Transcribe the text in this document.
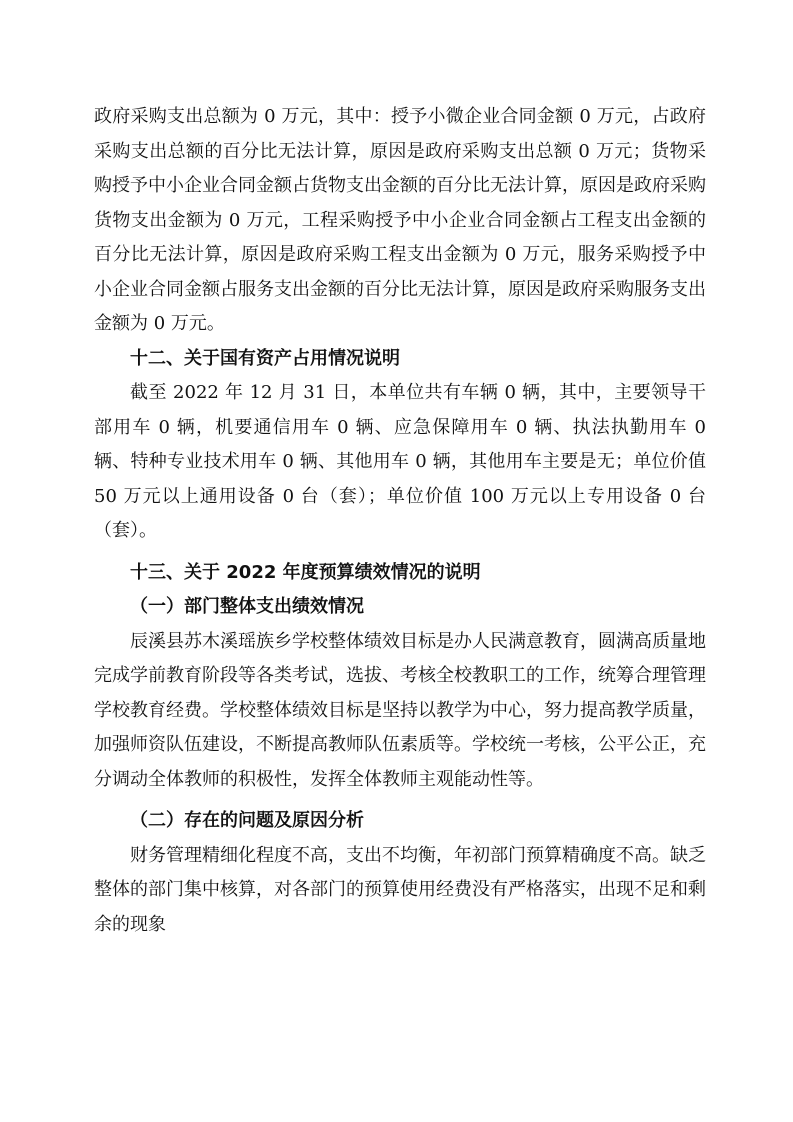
政府采购支出总额为 0 万元，其中：授予小微企业合同金额 0 万元，占政府采购支出总额的百分比无法计算，原因是政府采购支出总额 0 万元；货物采购授予中小企业合同金额占货物支出金额的百分比无法计算，原因是政府采购货物支出金额为 0 万元，工程采购授予中小企业合同金额占工程支出金额的百分比无法计算，原因是政府采购工程支出金额为 0 万元，服务采购授予中小企业合同金额占服务支出金额的百分比无法计算，原因是政府采购服务支出金额为 0 万元。

十二、关于国有资产占用情况说明

截至 2022 年 12 月 31 日，本单位共有车辆 0 辆，其中，主要领导干部用车 0 辆，机要通信用车 0 辆、应急保障用车 0 辆、执法执勤用车 0 辆、特种专业技术用车 0 辆、其他用车 0 辆，其他用车主要是无；单位价值 50 万元以上通用设备 0 台（套）；单位价值 100 万元以上专用设备 0 台（套）。

十三、关于 2022 年度预算绩效情况的说明

（一）部门整体支出绩效情况

辰溪县苏木溪瑶族乡学校整体绩效目标是办人民满意教育，圆满高质量地完成学前教育阶段等各类考试，选拔、考核全校教职工的工作，统筹合理管理学校教育经费。学校整体绩效目标是坚持以教学为中心，努力提高教学质量，加强师资队伍建设，不断提高教师队伍素质等。学校统一考核，公平公正，充分调动全体教师的积极性，发挥全体教师主观能动性等。

（二）存在的问题及原因分析

财务管理精细化程度不高，支出不均衡，年初部门预算精确度不高。缺乏整体的部门集中核算，对各部门的预算使用经费没有严格落实，出现不足和剩余的现象
